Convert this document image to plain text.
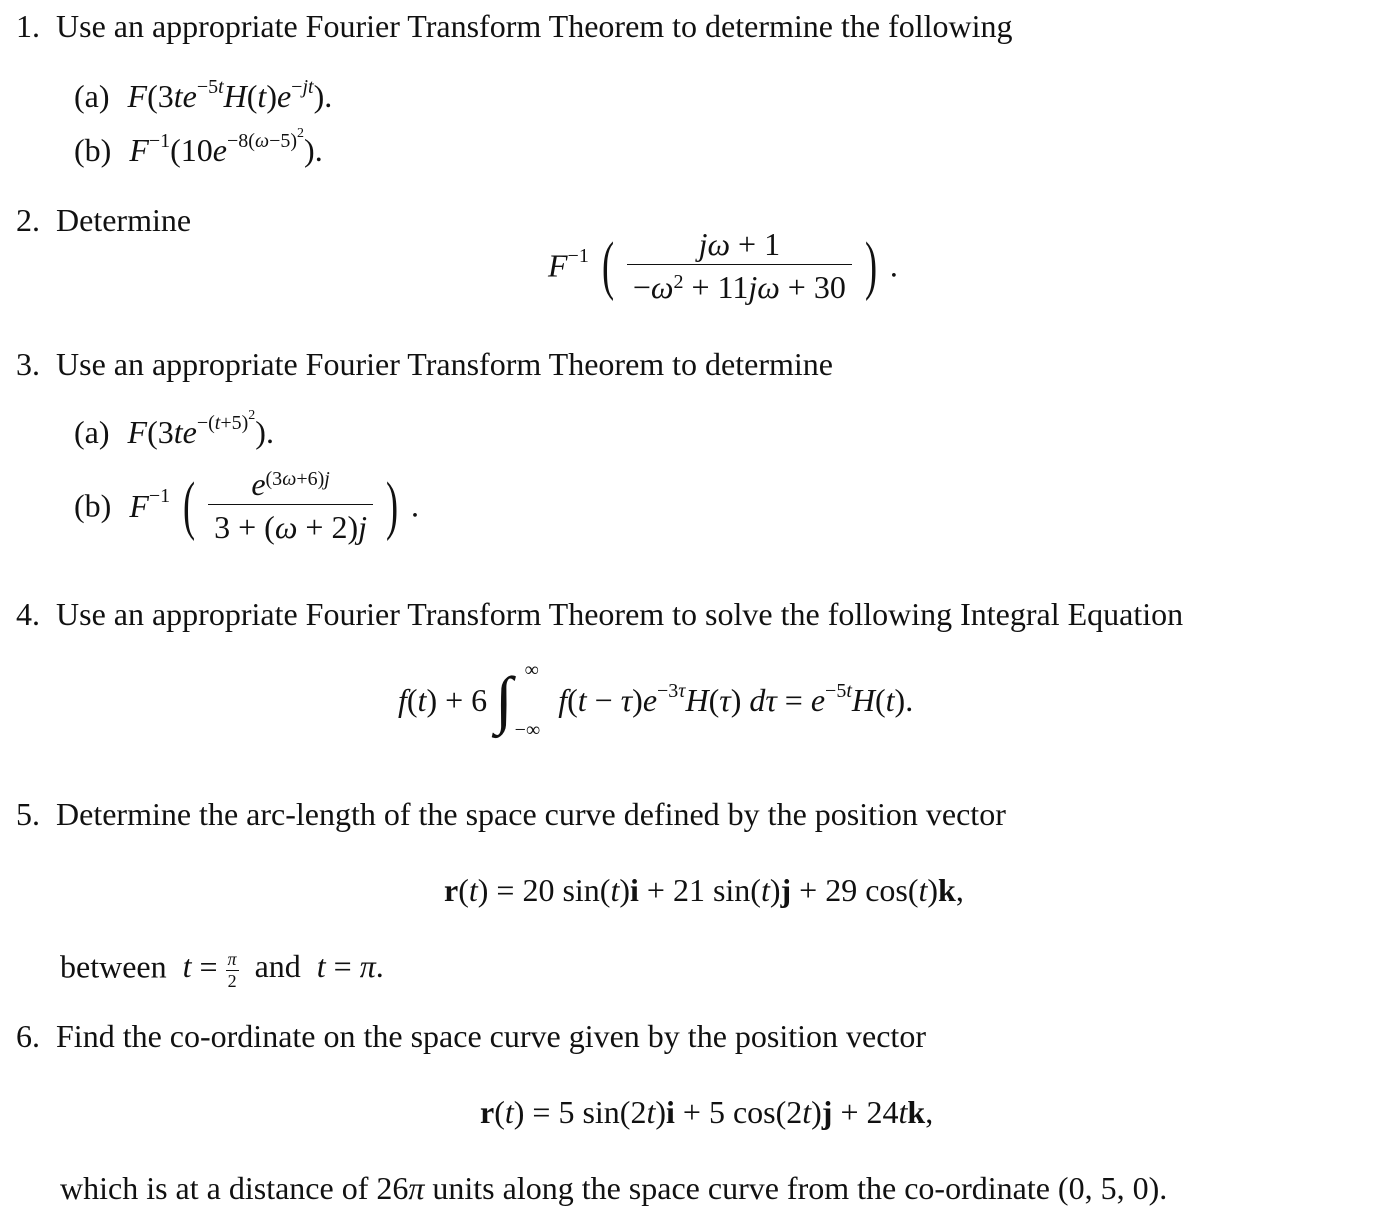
1. Use an appropriate Fourier Transform Theorem to determine the following
(a) $F(3te^{-5t}H(t)e^{-jt})$.
(b) $F^{-1}(10e^{-8(\omega-5)^2})$.
2. Determine
$F^{-1}$ ( $\frac{j\omega + 1}{-\omega^2 + 11j\omega + 30}$ ) .
3. Use an appropriate Fourier Transform Theorem to determine
(a) $F(3te^{-(t+5)^2})$.
(b) $F^{-1}$ ( $\frac{e^{(3\omega+6)j}}{3 + (\omega + 2)j}$ ) .
4. Use an appropriate Fourier Transform Theorem to solve the following Integral Equation
f(t) + 6 ∫ ∞
−∞
$f(t - \tau)e^{-3\tau}H(\tau)$ $d\tau = e^{-5t}H(t)$.
5. Determine the arc-length of the space curve defined by the position vector
r(t) = 20 sin(t)i + 21 sin(t)j + 29 cos(t)k,
between $t = \frac{\pi}{2}$ and t = π.
6. Find the co-ordinate on the space curve given by the position vector
r(t) = 5 sin(2t)i + 5 cos(2t)j + 24tk,
which is at a distance of 26π units along the space curve from the co-ordinate (0, 5, 0).
